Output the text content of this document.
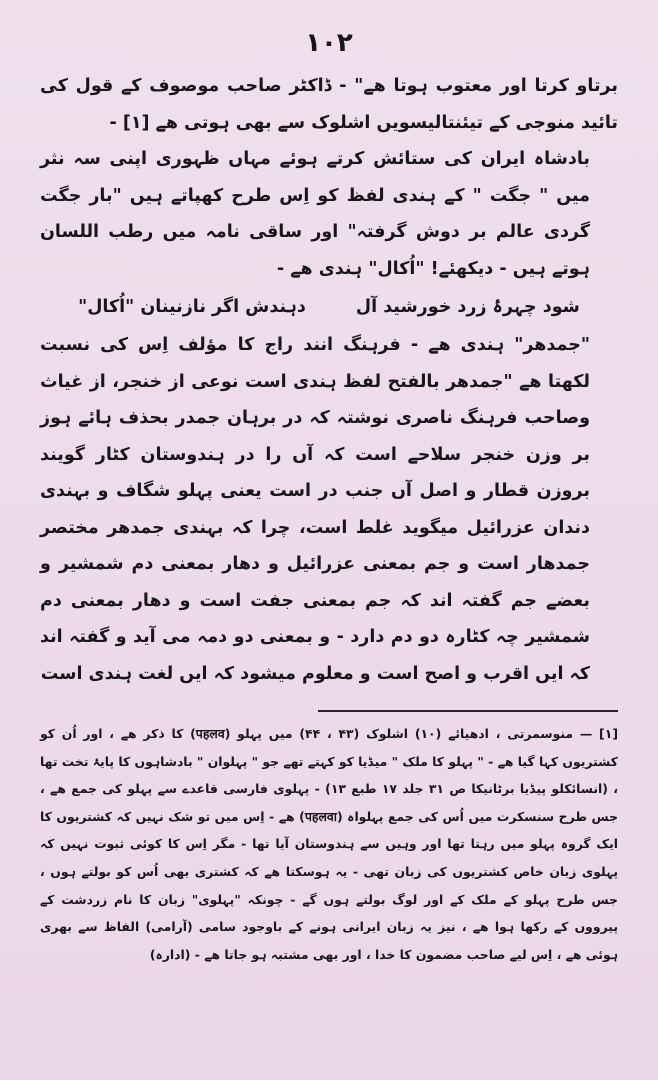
۱۰۲

برتاو کرتا اور معتوب ہوتا ھے" - ڈاکٹر صاحب موصوف کے قول کی تائید منوجی کے تیئنتالیسویں اشلوک سے بھی ہوتی ھے [۱] -

بادشاہ ایران کی ستائش کرتے ہوئے مہاں ظہوری اپنی سہ نثر میں " جگت " کے ہندی لفظ کو اِس طرح کھپاتے ہیں "بار جگت گردی عالم بر دوش گرفتہ" اور ساقی نامہ میں رطب اللسان ہوتے ہیں - دیکھئے! "اُکال" ہندی ھے -

شود چہرۂ زرد خورشید آل دہندش اگر نازنینان "اُکال"

"جمدھر" ہندی ھے - فرہنگ انند راج کا مؤلف اِس کی نسبت لکھتا ھے "جمدھر بالفتح لفظ ہندی است نوعی از خنجر، از غیاث وصاحب فرہنگ ناصری نوشتہ کہ در برہان جمدر بحذف ہائے ہوز بر وزن خنجر سلاحے است کہ آں را در ہندوستان کٹار گویند بروزن قطار و اصل آں جنب در است یعنی پہلو شگاف و بہندی دندان عزرائیل میگوید غلط است، چرا کہ بہندی جمدھر مختصر جمدھار است و جم بمعنی عزرائیل و دھار بمعنی دم شمشیر و بعضے جم گفتہ اند کہ جم بمعنی جفت است و دھار بمعنی دم شمشیر چہ کٹارہ دو دم دارد - و بمعنی دو دمہ می آید و گفتہ اند کہ ایں اقرب و اصح است و معلوم میشود کہ ایں لغت ہندی است

[۱] — منوسمرتی ، ادھیائے (۱۰) اشلوک (۴۳ ، ۴۴) میں پہلو (पहलव) کا ذکر ھے ، اور اُن کو کشتریوں کہا گیا ھے - " پہلو کا ملک " میڈیا کو کہتے تھے جو " پہلوان " بادشاہوں کا پایۂ تخت تھا ، (انسائکلو پیڈیا برٹانیکا ص ۳۱ جلد ۱۷ طبع ۱۳) - پہلوی فارسی قاعدے سے پہلو کی جمع ھے ، جس طرح سنسکرت میں اُس کی جمع پہلواہ (पहलवा) ھے - اِس میں تو شک نہیں کہ کشتریوں کا ایک گروہ پہلو میں رہتا تھا اور وہیں سے ہندوستان آیا تھا - مگر اِس کا کوئی ثبوت نہیں کہ پہلوی زبان خاص کشتریوں کی زبان تھی - یہ ہوسکتا ھے کہ کشتری بھی اُس کو بولتے ہوں ، جس طرح پہلو کے ملک کے اور لوگ بولتے ہوں گے - چونکہ "پہلوی" زبان کا نام زردشت کے پیرووں کے رکھا ہوا ھے ، نیز یہ زبان ایرانی ہونے کے باوجود سامی (آرامی) الفاظ سے بھری ہوئی ھے ، اِس لیے صاحب مضمون کا خدا ، اور بھی مشتبہ ہو جاتا ھے - (ادارہ)
